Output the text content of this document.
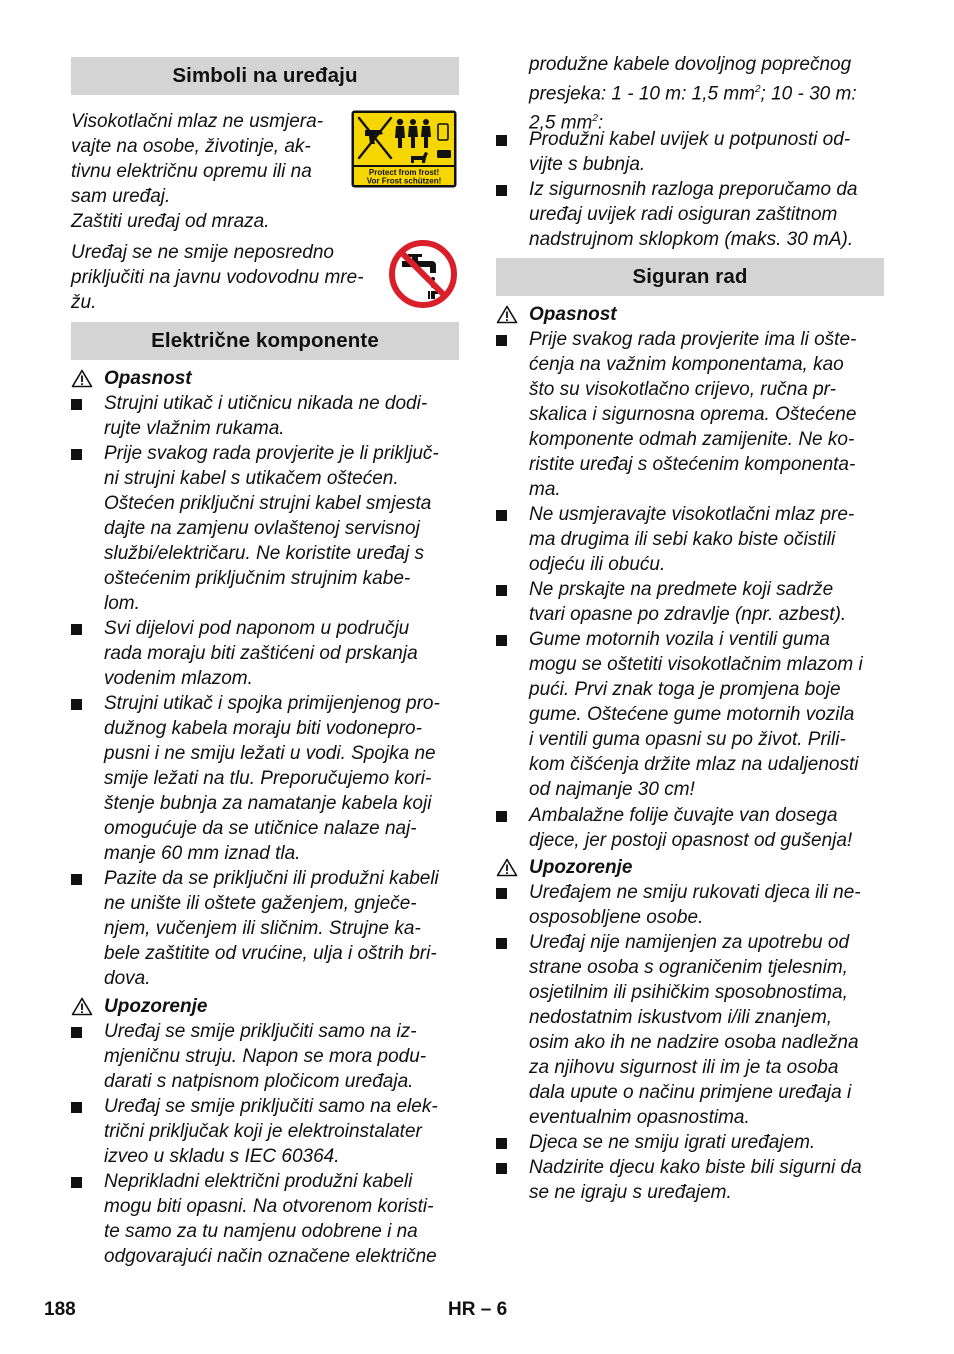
Simboli na uređaju
Visokotlačni mlaz ne usmjera-
vajte na osobe, životinje, ak-
tivnu električnu opremu ili na
sam uređaj.
Zaštiti uređaj od mraza.
Uređaj se ne smije neposredno
priključiti na javnu vodovodnu mre-
žu.
Električne komponente
Opasnost
Strujni utikač i utičnicu nikada ne dodi-
rujte vlažnim rukama.
Prije svakog rada provjerite je li priključ-
ni strujni kabel s utikačem oštećen.
Oštećen priključni strujni kabel smjesta
dajte na zamjenu ovlaštenoj servisnoj
službi/električaru. Ne koristite uređaj s
oštećenim priključnim strujnim kabe-
lom.
Svi dijelovi pod naponom u području
rada moraju biti zaštićeni od prskanja
vodenim mlazom.
Strujni utikač i spojka primijenjenog pro-
dužnog kabela moraju biti vodonepro-
pusni i ne smiju ležati u vodi. Spojka ne
smije ležati na tlu. Preporučujemo kori-
štenje bubnja za namatanje kabela koji
omogućuje da se utičnice nalaze naj-
manje 60 mm iznad tla.
Pazite da se priključni ili produžni kabeli
ne unište ili oštete gaženjem, gnječe-
njem, vučenjem ili sličnim. Strujne ka-
bele zaštitite od vrućine, ulja i oštrih bri-
dova.
Upozorenje
Uređaj se smije priključiti samo na iz-
mjeničnu struju. Napon se mora podu-
darati s natpisnom pločicom uređaja.
Uređaj se smije priključiti samo na elek-
trični priključak koji je elektroinstalater
izveo u skladu s IEC 60364.
Neprikladni električni produžni kabeli
mogu biti opasni. Na otvorenom koristi-
te samo za tu namjenu odobrene i na
odgovarajući način označene električne
Protect from frost!
Vor Frost schützen!
produžne kabele dovoljnog poprečnog
presjeka: 1 - 10 m: 1,5 $mm^2$; 10 - 30 m:
2,5 $mm^2$:
Produžni kabel uvijek u potpunosti od-
vijte s bubnja.
Iz sigurnosnih razloga preporučamo da
uređaj uvijek radi osiguran zaštitnom
nadstrujnom sklopkom (maks. 30 mA).
Siguran rad
Opasnost
Prije svakog rada provjerite ima li ošte-
ćenja na važnim komponentama, kao
što su visokotlačno crijevo, ručna pr-
skalica i sigurnosna oprema. Oštećene
komponente odmah zamijenite. Ne ko-
ristite uređaj s oštećenim komponenta-
ma.
Ne usmjeravajte visokotlačni mlaz pre-
ma drugima ili sebi kako biste očistili
odjeću ili obuću.
Ne prskajte na predmete koji sadrže
tvari opasne po zdravlje (npr. azbest).
Gume motornih vozila i ventili guma
mogu se oštetiti visokotlačnim mlazom i
pući. Prvi znak toga je promjena boje
gume. Oštećene gume motornih vozila
i ventili guma opasni su po život. Prili-
kom čišćenja držite mlaz na udaljenosti
od najmanje 30 cm!
Ambalažne folije čuvajte van dosega
djece, jer postoji opasnost od gušenja!
Upozorenje
Uređajem ne smiju rukovati djeca ili ne-
osposobljene osobe.
Uređaj nije namijenjen za upotrebu od
strane osoba s ograničenim tjelesnim,
osjetilnim ili psihičkim sposobnostima,
nedostatnim iskustvom i/ili znanjem,
osim ako ih ne nadzire osoba nadležna
za njihovu sigurnost ili im je ta osoba
dala upute o načinu primjene uređaja i
eventualnim opasnostima.
Djeca se ne smiju igrati uređajem.
Nadzirite djecu kako biste bili sigurni da
se ne igraju s uređajem.
188	HR – 6
